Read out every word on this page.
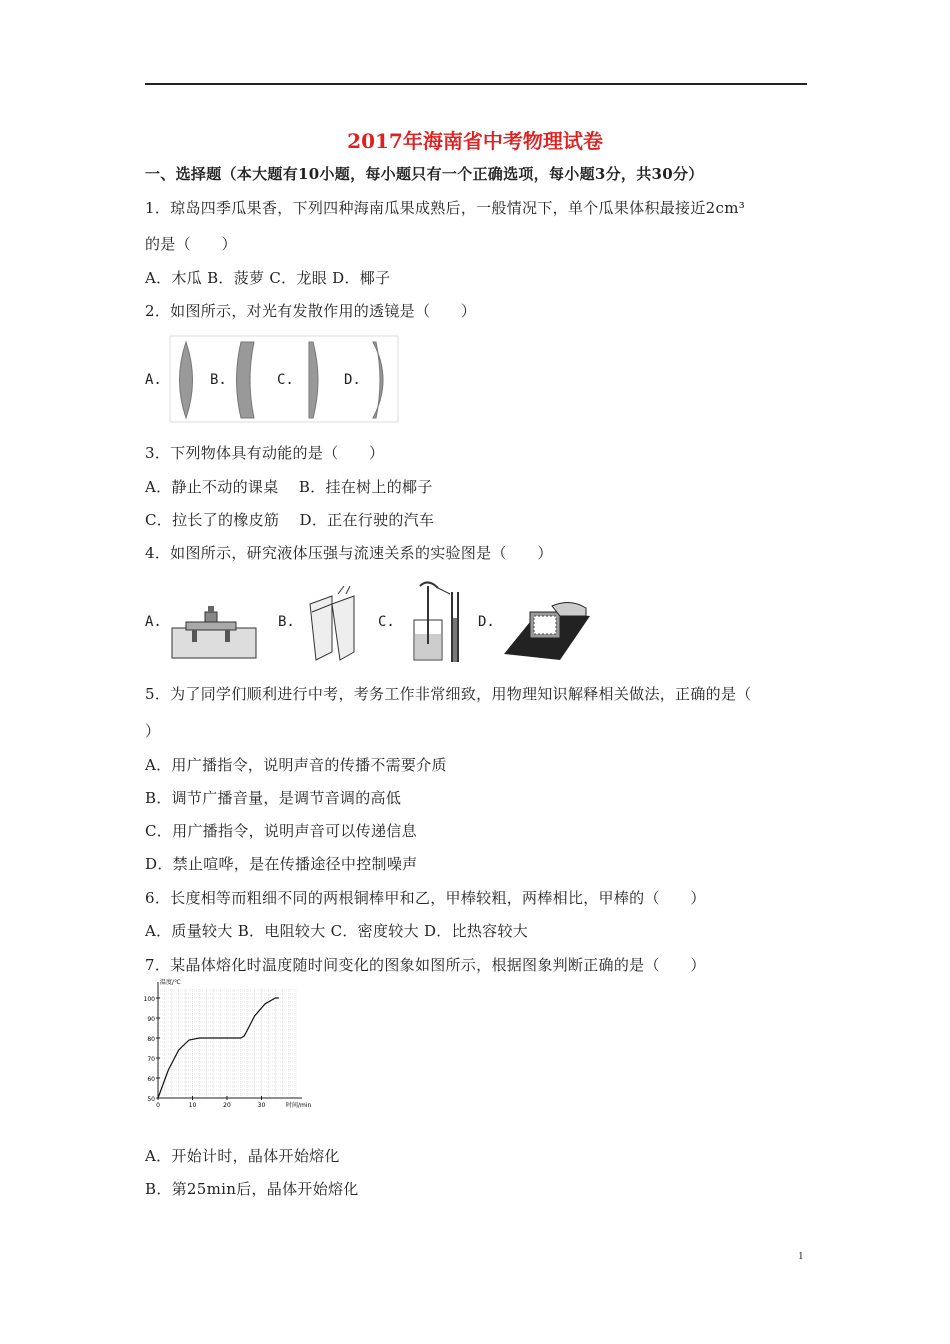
2017年海南省中考物理试卷
一、选择题（本大题有10小题，每小题只有一个正确选项，每小题3分，共30分）
1．琼岛四季瓜果香，下列四种海南瓜果成熟后，一般情况下，单个瓜果体积最接近2cm³
的是（　　）
A．木瓜 B．菠萝 C．龙眼 D．椰子
2．如图所示，对光有发散作用的透镜是（　　）
A.	B.	C.	D.
3．下列物体具有动能的是（　　）
A．静止不动的课桌　 B．挂在树上的椰子
C．拉长了的橡皮筋　 D．正在行驶的汽车
4．如图所示，研究液体压强与流速关系的实验图是（　　）
A.	B.	C.	D.
5．为了同学们顺利进行中考，考务工作非常细致，用物理知识解释相关做法，正确的是（
）
A．用广播指令，说明声音的传播不需要介质
B．调节广播音量，是调节音调的高低
C．用广播指令，说明声音可以传递信息
D．禁止喧哗，是在传播途径中控制噪声
6．长度相等而粗细不同的两根铜棒甲和乙，甲棒较粗，两棒相比，甲棒的（　　）
A．质量较大 B．电阻较大 C．密度较大 D．比热容较大
7．某晶体熔化时温度随时间变化的图象如图所示，根据图象判断正确的是（　　）
50
60
70
80
90
100
0	10	20	30
温度/℃
时间/min
A．开始计时，晶体开始熔化
B．第25min后，晶体开始熔化
1
